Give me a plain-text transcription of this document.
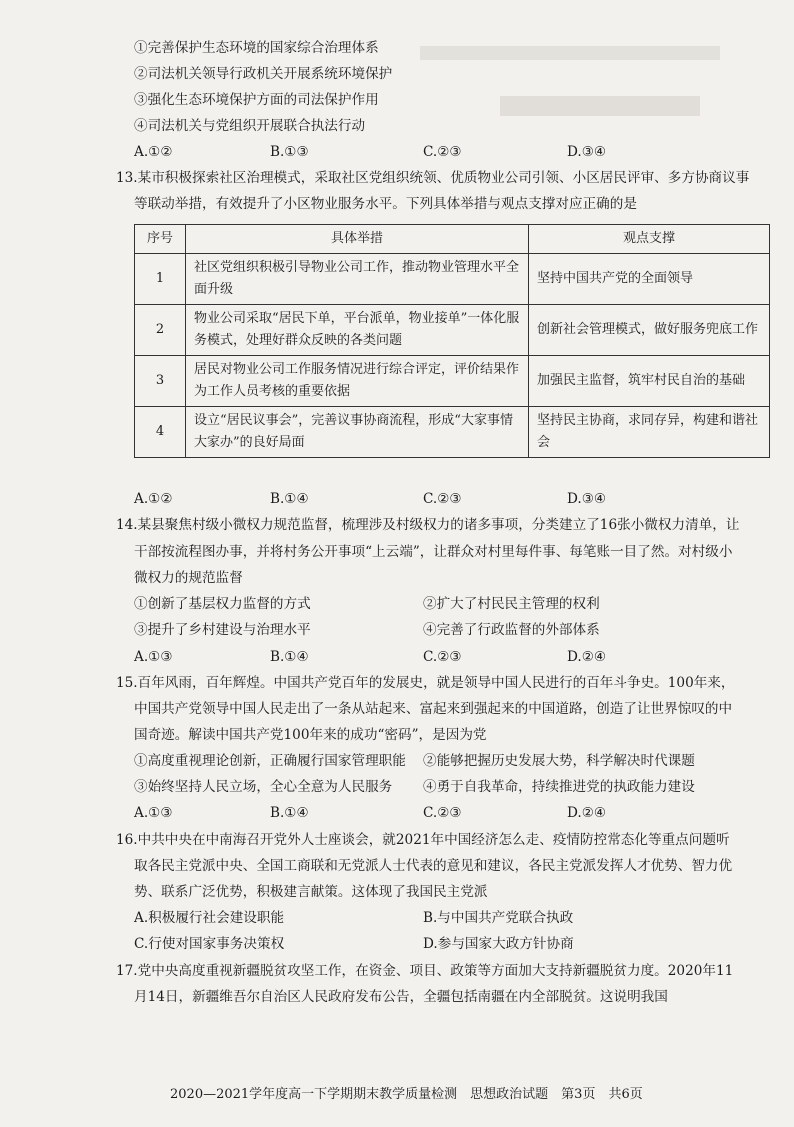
①完善保护生态环境的国家综合治理体系
②司法机关领导行政机关开展系统环境保护
③强化生态环境保护方面的司法保护作用
④司法机关与党组织开展联合执法行动
A.①②	B.①③	C.②③	D.③④
13.某市积极探索社区治理模式，采取社区党组织统领、优质物业公司引领、小区居民评审、多方协商议事
等联动举措，有效提升了小区物业服务水平。下列具体举措与观点支撑对应正确的是
序号	具体举措	观点支撑
1	社区党组织积极引导物业公司工作，推动物业管理水平全面升级	坚持中国共产党的全面领导
2	物业公司采取“居民下单，平台派单，物业接单”一体化服务模式，处理好群众反映的各类问题	创新社会管理模式，做好服务兜底工作
3	居民对物业公司工作服务情况进行综合评定，评价结果作为工作人员考核的重要依据	加强民主监督，筑牢村民自治的基础
4	设立“居民议事会”，完善议事协商流程，形成“大家事情大家办”的良好局面	坚持民主协商，求同存异，构建和谐社会
A.①②	B.①④	C.②③	D.③④
14.某县聚焦村级小微权力规范监督，梳理涉及村级权力的诸多事项，分类建立了16张小微权力清单，让
干部按流程图办事，并将村务公开事项“上云端”，让群众对村里每件事、每笔账一目了然。对村级小
微权力的规范监督
①创新了基层权力监督的方式	②扩大了村民民主管理的权利
③提升了乡村建设与治理水平	④完善了行政监督的外部体系
A.①③	B.①④	C.②③	D.②④
15.百年风雨，百年辉煌。中国共产党百年的发展史，就是领导中国人民进行的百年斗争史。100年来，
中国共产党领导中国人民走出了一条从站起来、富起来到强起来的中国道路，创造了让世界惊叹的中
国奇迹。解读中国共产党100年来的成功“密码”，是因为党
①高度重视理论创新，正确履行国家管理职能 ②能够把握历史发展大势，科学解决时代课题
③始终坚持人民立场，全心全意为人民服务 ④勇于自我革命，持续推进党的执政能力建设
A.①③	B.①④	C.②③	D.②④
16.中共中央在中南海召开党外人士座谈会，就2021年中国经济怎么走、疫情防控常态化等重点问题听
取各民主党派中央、全国工商联和无党派人士代表的意见和建议，各民主党派发挥人才优势、智力优
势、联系广泛优势，积极建言献策。这体现了我国民主党派
A.积极履行社会建设职能	B.与中国共产党联合执政
C.行使对国家事务决策权	D.参与国家大政方针协商
17.党中央高度重视新疆脱贫攻坚工作，在资金、项目、政策等方面加大支持新疆脱贫力度。2020年11
月14日，新疆维吾尔自治区人民政府发布公告，全疆包括南疆在内全部脱贫。这说明我国
2020—2021学年度高一下学期期末教学质量检测　思想政治试题　第3页　共6页
